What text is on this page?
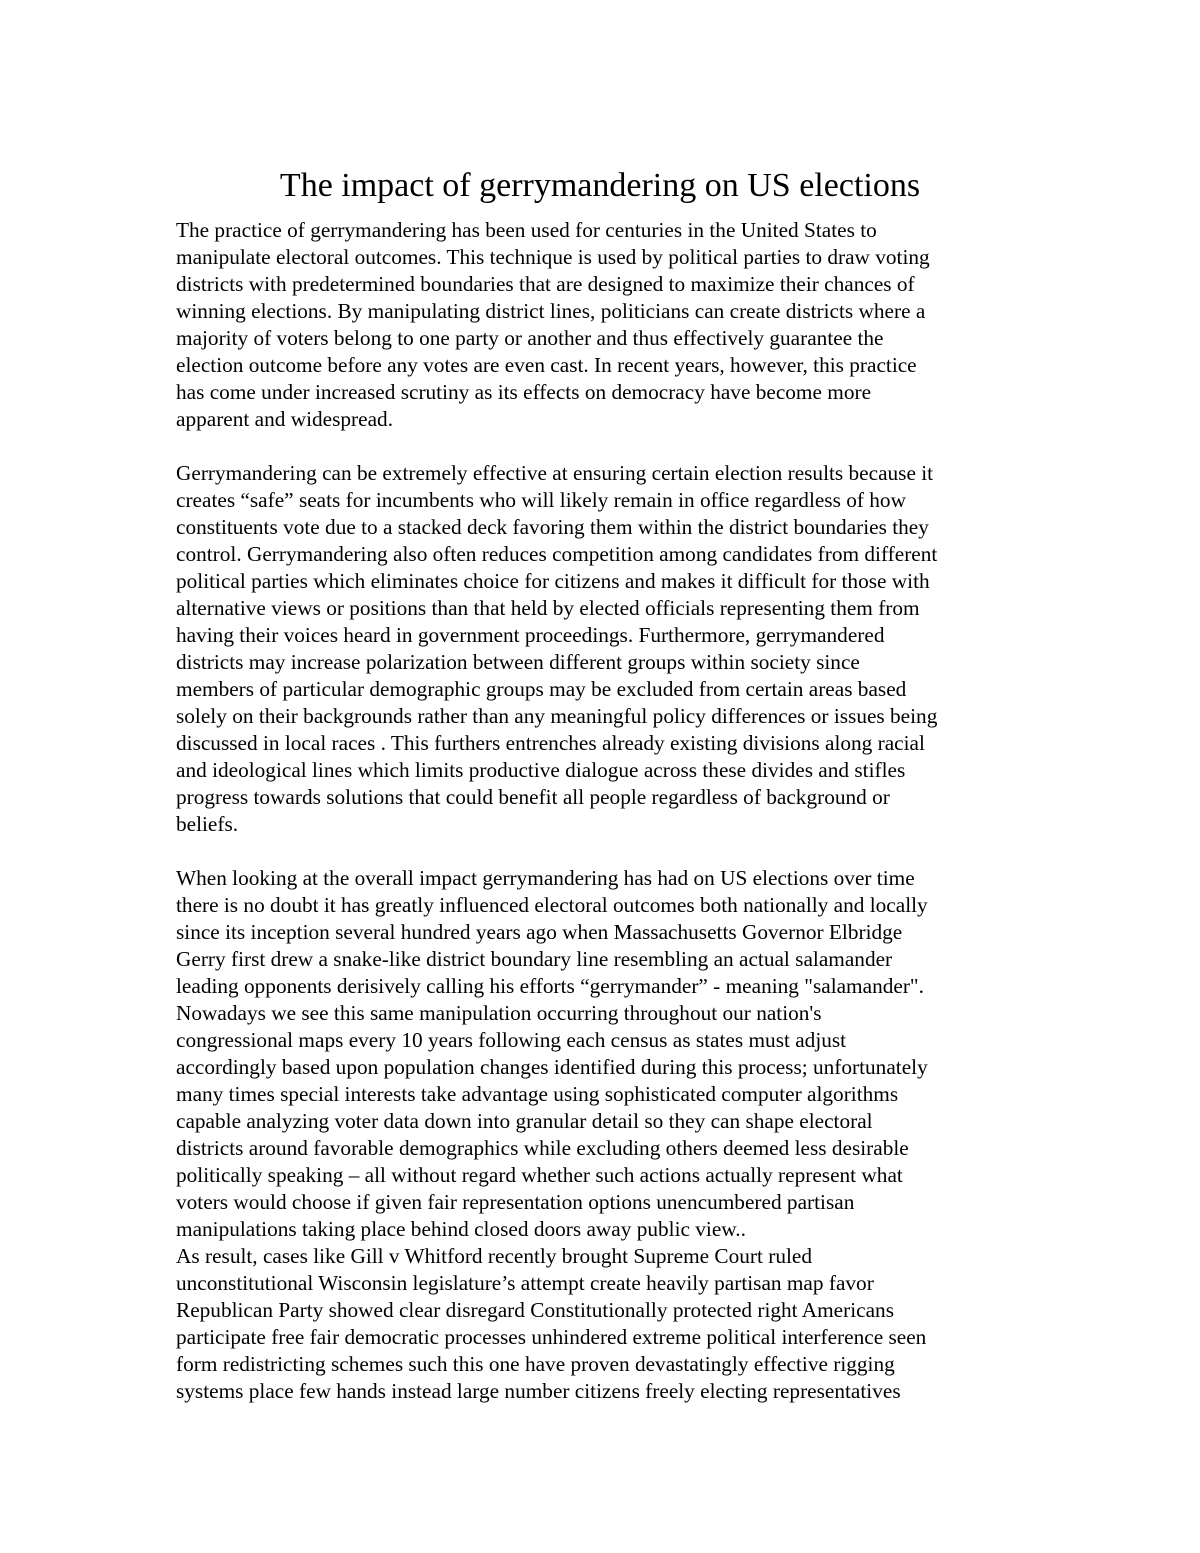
The impact of gerrymandering on US elections
The practice of gerrymandering has been used for centuries in the United States to
manipulate electoral outcomes. This technique is used by political parties to draw voting
districts with predetermined boundaries that are designed to maximize their chances of
winning elections. By manipulating district lines, politicians can create districts where a
majority of voters belong to one party or another and thus effectively guarantee the
election outcome before any votes are even cast. In recent years, however, this practice
has come under increased scrutiny as its effects on democracy have become more
apparent and widespread.
Gerrymandering can be extremely effective at ensuring certain election results because it
creates “safe” seats for incumbents who will likely remain in office regardless of how
constituents vote due to a stacked deck favoring them within the district boundaries they
control. Gerrymandering also often reduces competition among candidates from different
political parties which eliminates choice for citizens and makes it difficult for those with
alternative views or positions than that held by elected officials representing them from
having their voices heard in government proceedings. Furthermore, gerrymandered
districts may increase polarization between different groups within society since
members of particular demographic groups may be excluded from certain areas based
solely on their backgrounds rather than any meaningful policy differences or issues being
discussed in local races . This furthers entrenches already existing divisions along racial
and ideological lines which limits productive dialogue across these divides and stifles
progress towards solutions that could benefit all people regardless of background or
beliefs.
When looking at the overall impact gerrymandering has had on US elections over time
there is no doubt it has greatly influenced electoral outcomes both nationally and locally
since its inception several hundred years ago when Massachusetts Governor Elbridge
Gerry first drew a snake-like district boundary line resembling an actual salamander
leading opponents derisively calling his efforts “gerrymander” - meaning "salamander".
Nowadays we see this same manipulation occurring throughout our nation's
congressional maps every 10 years following each census as states must adjust
accordingly based upon population changes identified during this process; unfortunately
many times special interests take advantage using sophisticated computer algorithms
capable analyzing voter data down into granular detail so they can shape electoral
districts around favorable demographics while excluding others deemed less desirable
politically speaking – all without regard whether such actions actually represent what
voters would choose if given fair representation options unencumbered partisan
manipulations taking place behind closed doors away public view..
As result, cases like Gill v Whitford recently brought Supreme Court ruled
unconstitutional Wisconsin legislature’s attempt create heavily partisan map favor
Republican Party showed clear disregard Constitutionally protected right Americans
participate free fair democratic processes unhindered extreme political interference seen
form redistricting schemes such this one have proven devastatingly effective rigging
systems place few hands instead large number citizens freely electing representatives
